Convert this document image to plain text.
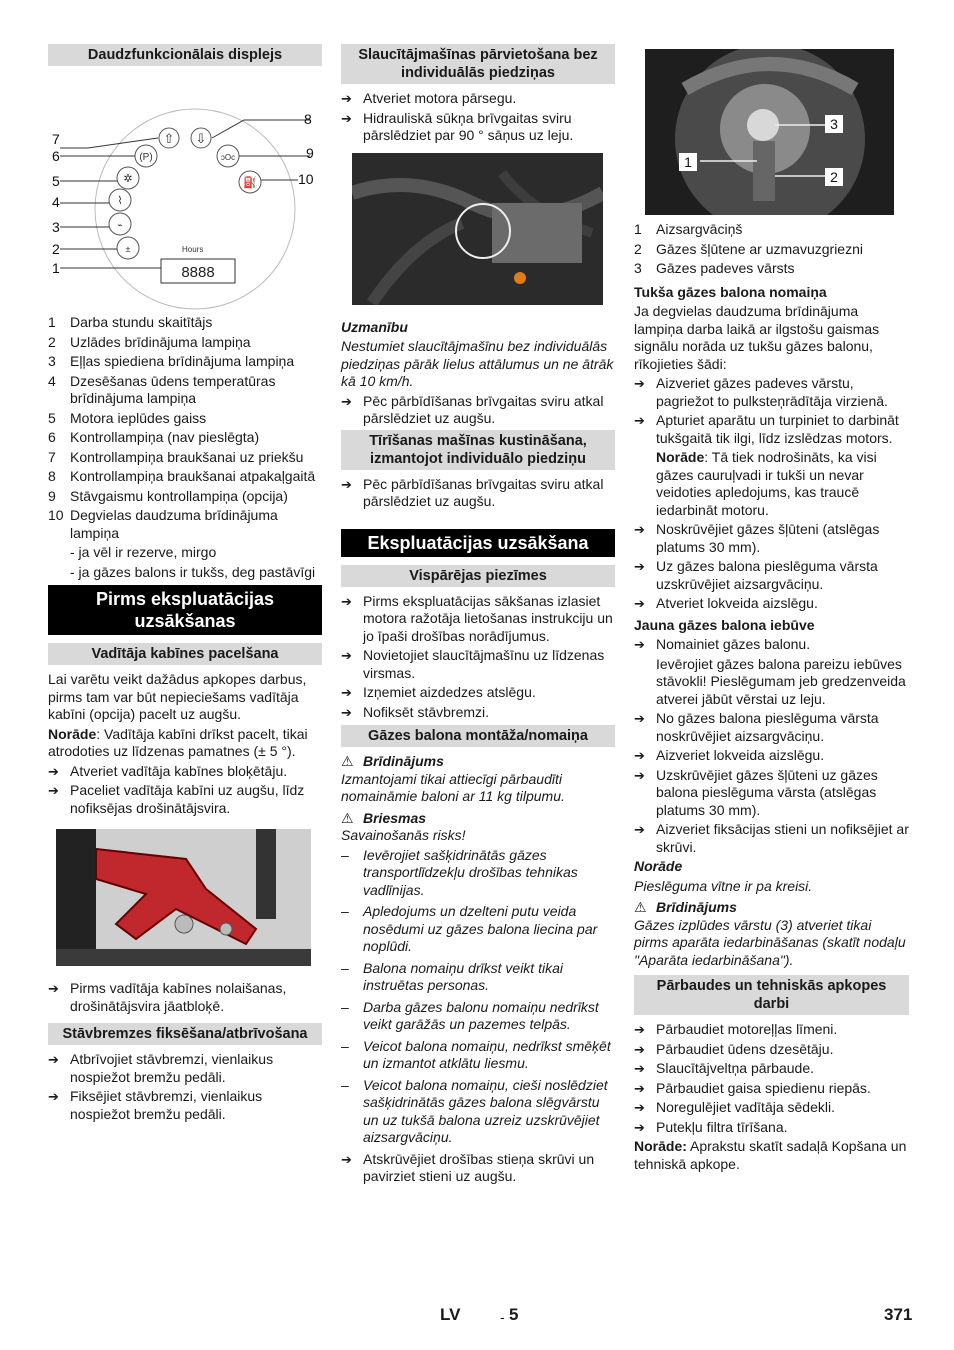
Daudzfunkcionālais displejs
⇧ ⇩
(P)	ↄOc
✲	⛽
⌇
⌁
±	Hours
8888
1
2
3
4
5
6
7
8
9
10
1	Darba stundu skaitītājs
2	Uzlādes brīdinājuma lampiņa
3	Eļļas spiediena brīdinājuma lampiņa
4	Dzesēšanas ūdens temperatūras brīdinājuma lampiņa
5	Motora ieplūdes gaiss
6	Kontrollampiņa (nav pieslēgta)
7	Kontrollampiņa braukšanai uz priekšu
8	Kontrollampiņa braukšanai atpakaļgaitā
9	Stāvgaismu kontrollampiņa (opcija)
10 Degvielas daudzuma brīdinājuma lampiņa

- ja vēl ir rezerve, mirgo

- ja gāzes balons ir tukšs, deg pastāvīgi

Pirms ekspluatācijas uzsākšanas
Vadītāja kabīnes pacelšana

Lai varētu veikt dažādus apkopes darbus, pirms tam var būt nepieciešams vadītāja kabīni (opcija) pacelt uz augšu.

Norāde: Vadītāja kabīni drīkst pacelt, tikai atrodoties uz līdzenas pamatnes (± 5 °).

➔ Atveriet vadītāja kabīnes bloķētāju.
➔ Paceliet vadītāja kabīni uz augšu, līdz nofiksējas drošinātājsvira.
➔ Pirms vadītāja kabīnes nolaišanas, drošinātājsvira jāatbloķē.
Stāvbremzes fiksēšana/atbrīvošana
➔ Atbrīvojiet stāvbremzi, vienlaikus nospiežot bremžu pedāli.
➔ Fiksējiet stāvbremzi, vienlaikus nospiežot bremžu pedāli.
Slaucītājmašīnas pārvietošana bez individuālās piedziņas
➔ Atveriet motora pārsegu.
➔ Hidrauliskā sūkņa brīvgaitas sviru pārslēdziet par 90 ° sāņus uz leju.

Uzmanību

Nestumiet slaucītājmašīnu bez individuālās piedziņas pārāk lielus attālumus un ne ātrāk kā 10 km/h.

➔ Pēc pārbīdīšanas brīvgaitas sviru atkal pārslēdziet uz augšu.
Tīrīšanas mašīnas kustināšana, izmantojot individuālo piedziņu
➔ Pēc pārbīdīšanas brīvgaitas sviru atkal pārslēdziet uz augšu.
Ekspluatācijas uzsākšana
Vispārējas piezīmes
➔ Pirms ekspluatācijas sākšanas izlasiet motora ražotāja lietošanas instrukciju un jo īpaši drošības norādījumus.
➔ Novietojiet slaucītājmašīnu uz līdzenas virsmas.
➔ Izņemiet aizdedzes atslēgu.
➔ Nofiksēt stāvbremzi.
Gāzes balona montāža/nomaiņa
⚠ Brīdinājums

Izmantojami tikai attiecīgi pārbaudīti nomaināmie baloni ar 11 kg tilpumu.

⚠ Briesmas

Savainošanās risks!

–	Ievērojiet sašķidrinātās gāzes transportlīdzekļu drošības tehnikas vadlīnijas.
–	Apledojums un dzelteni putu veida nosēdumi uz gāzes balona liecina par noplūdi.
–	Balona nomaiņu drīkst veikt tikai instruētas personas.
–	Darba gāzes balonu nomaiņu nedrīkst veikt garāžās un pazemes telpās.
–	Veicot balona nomaiņu, nedrīkst smēķēt un izmantot atklātu liesmu.
–	Veicot balona nomaiņu, cieši noslēdziet sašķidrinātās gāzes balona slēgvārstu un uz tukšā balona uzreiz uzskrūvējiet aizsargvāciņu.
➔ Atskrūvējiet drošības stieņa skrūvi un pavirziet stieni uz augšu.
1
3
2
1	Aizsargvāciņš
2	Gāzes šļūtene ar uzmavuzgriezni
3	Gāzes padeves vārsts

Tukša gāzes balona nomaiņa

Ja degvielas daudzuma brīdinājuma lampiņa darba laikā ar ilgstošu gaismas signālu norāda uz tukšu gāzes balonu, rīkojieties šādi:

➔ Aizveriet gāzes padeves vārstu, pagriežot to pulksteņrādītāja virzienā.
➔ Apturiet aparātu un turpiniet to darbināt tukšgaitā tik ilgi, līdz izslēdzas motors.

Norāde: Tā tiek nodrošināts, ka visi gāzes cauruļvadi ir tukši un nevar veidoties apledojums, kas traucē iedarbināt motoru.

➔ Noskrūvējiet gāzes šļūteni (atslēgas platums 30 mm).
➔ Uz gāzes balona pieslēguma vārsta uzskrūvējiet aizsargvāciņu.
➔ Atveriet lokveida aizslēgu.

Jauna gāzes balona iebūve

➔ Nomainiet gāzes balonu.

Ievērojiet gāzes balona pareizu iebūves stāvokli! Pieslēgumam jeb gredzenveida atverei jābūt vērstai uz leju.

➔ No gāzes balona pieslēguma vārsta noskrūvējiet aizsargvāciņu.
➔ Aizveriet lokveida aizslēgu.
➔ Uzskrūvējiet gāzes šļūteni uz gāzes balona pieslēguma vārsta (atslēgas platums 30 mm).
➔ Aizveriet fiksācijas stieni un nofiksējiet ar skrūvi.

Norāde

Pieslēguma vītne ir pa kreisi.

⚠ Brīdinājums

Gāzes izplūdes vārstu (3) atveriet tikai pirms aparāta iedarbināšanas (skatīt nodaļu "Aparāta iedarbināšana").

Pārbaudes un tehniskās apkopes darbi
➔ Pārbaudiet motoreļļas līmeni.
➔ Pārbaudiet ūdens dzesētāju.
➔ Slaucītājveltņa pārbaude.
➔ Pārbaudiet gaisa spiedienu riepās.
➔ Noregulējiet vadītāja sēdekli.
➔ Putekļu filtra tīrīšana.

Norāde: Aprakstu skatīt sadaļā Kopšana un tehniskā apkope.

LV	- 5	371
